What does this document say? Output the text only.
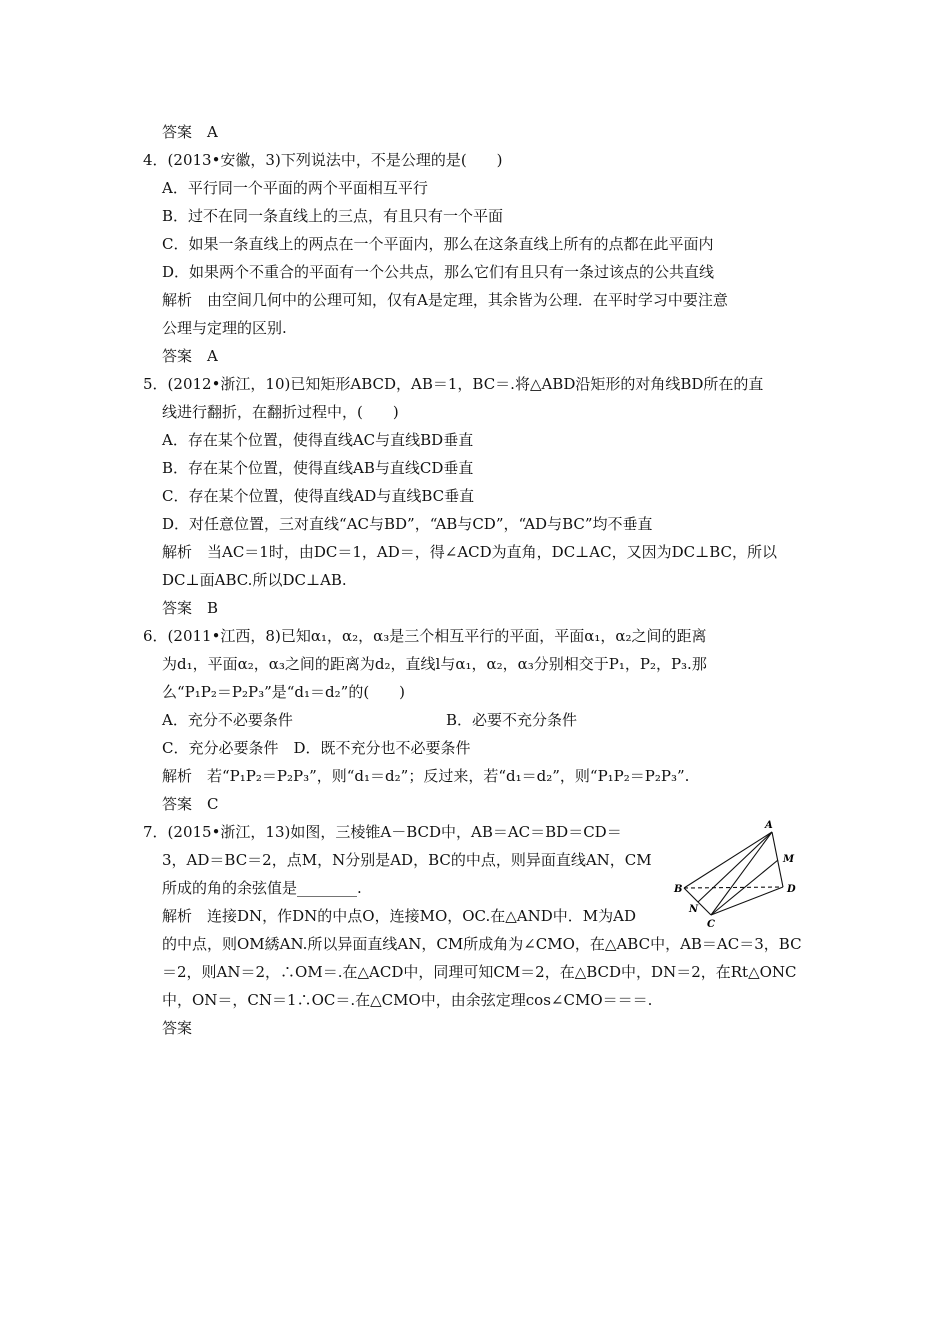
答案　A
4．(2013•安徽，3)下列说法中，不是公理的是(　　)
A．平行同一个平面的两个平面相互平行
B．过不在同一条直线上的三点，有且只有一个平面
C．如果一条直线上的两点在一个平面内，那么在这条直线上所有的点都在此平面内
D．如果两个不重合的平面有一个公共点，那么它们有且只有一条过该点的公共直线
解析　由空间几何中的公理可知，仅有A是定理，其余皆为公理．在平时学习中要注意
公理与定理的区别.
答案　A
5．(2012•浙江，10)已知矩形ABCD，AB＝1，BC＝.将△ABD沿矩形的对角线BD所在的直
线进行翻折，在翻折过程中，(　　)
A．存在某个位置，使得直线AC与直线BD垂直
B．存在某个位置，使得直线AB与直线CD垂直
C．存在某个位置，使得直线AD与直线BC垂直
D．对任意位置，三对直线“AC与BD”，“AB与CD”，“AD与BC”均不垂直
解析　当AC＝1时，由DC＝1，AD＝，得∠ACD为直角，DC⊥AC，又因为DC⊥BC，所以
DC⊥面ABC.所以DC⊥AB.
答案　B
6．(2011•江西，8)已知α₁，α₂，α₃是三个相互平行的平面，平面α₁，α₂之间的距离
为d₁，平面α₂，α₃之间的距离为d₂，直线l与α₁，α₂，α₃分别相交于P₁，P₂，P₃.那
么“P₁P₂＝P₂P₃”是“d₁＝d₂”的(　　)
A．充分不必要条件	B．必要不充分条件
C．充分必要条件　D．既不充分也不必要条件
解析　若“P₁P₂＝P₂P₃”，则“d₁＝d₂”；反过来，若“d₁＝d₂”，则“P₁P₂＝P₂P₃”.
答案　C
7．(2015•浙江，13)如图，三棱锥A－BCD中，AB＝AC＝BD＝CD＝
3，AD＝BC＝2，点M，N分别是AD，BC的中点，则异面直线AN，CM
所成的角的余弦值是________.
解析　连接DN，作DN的中点O，连接MO，OC.在△AND中．M为AD
的中点，则OM綉AN.所以异面直线AN，CM所成角为∠CMO，在△ABC中，AB＝AC＝3，BC
＝2，则AN＝2，∴OM＝.在△ACD中，同理可知CM＝2，在△BCD中，DN＝2，在Rt△ONC
中，ON＝，CN＝1∴OC＝.在△CMO中，由余弦定理cos∠CMO＝＝＝.
答案
A
M
B	D
N
C
